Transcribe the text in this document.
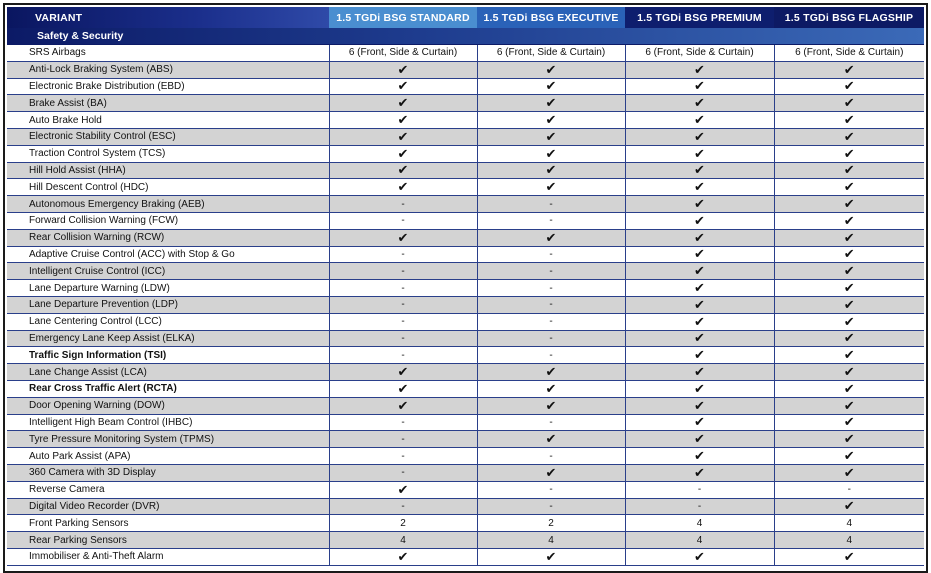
VARIANT	1.5 TGDi BSG STANDARD	1.5 TGDi BSG EXECUTIVE	1.5 TGDi BSG PREMIUM	1.5 TGDi BSG FLAGSHIP
Safety & Security				
SRS Airbags	6 (Front, Side & Curtain)	6 (Front, Side & Curtain)	6 (Front, Side & Curtain)	6 (Front, Side & Curtain)
Anti-Lock Braking System (ABS)	✔	✔	✔	✔
Electronic Brake Distribution (EBD)	✔	✔	✔	✔
Brake Assist (BA)	✔	✔	✔	✔
Auto Brake Hold	✔	✔	✔	✔
Electronic Stability Control (ESC)	✔	✔	✔	✔
Traction Control System (TCS)	✔	✔	✔	✔
Hill Hold Assist (HHA)	✔	✔	✔	✔
Hill Descent Control (HDC)	✔	✔	✔	✔
Autonomous Emergency Braking (AEB)	-	-	✔	✔
Forward Collision Warning (FCW)	-	-	✔	✔
Rear Collision Warning (RCW)	✔	✔	✔	✔
Adaptive Cruise Control (ACC) with Stop & Go	-	-	✔	✔
Intelligent Cruise Control (ICC)	-	-	✔	✔
Lane Departure Warning (LDW)	-	-	✔	✔
Lane Departure Prevention (LDP)	-	-	✔	✔
Lane Centering Control (LCC)	-	-	✔	✔
Emergency Lane Keep Assist (ELKA)	-	-	✔	✔
Traffic Sign Information (TSI)	-	-	✔	✔
Lane Change Assist (LCA)	✔	✔	✔	✔
Rear Cross Traffic Alert (RCTA)	✔	✔	✔	✔
Door Opening Warning (DOW)	✔	✔	✔	✔
Intelligent High Beam Control (IHBC)	-	-	✔	✔
Tyre Pressure Monitoring System (TPMS)	-	✔	✔	✔
Auto Park Assist (APA)	-	-	✔	✔
360 Camera with 3D Display	-	✔	✔	✔
Reverse Camera	✔	-	-	-
Digital Video Recorder (DVR)	-	-	-	✔
Front Parking Sensors	2	2	4	4
Rear Parking Sensors	4	4	4	4
Immobiliser & Anti-Theft Alarm	✔	✔	✔	✔
